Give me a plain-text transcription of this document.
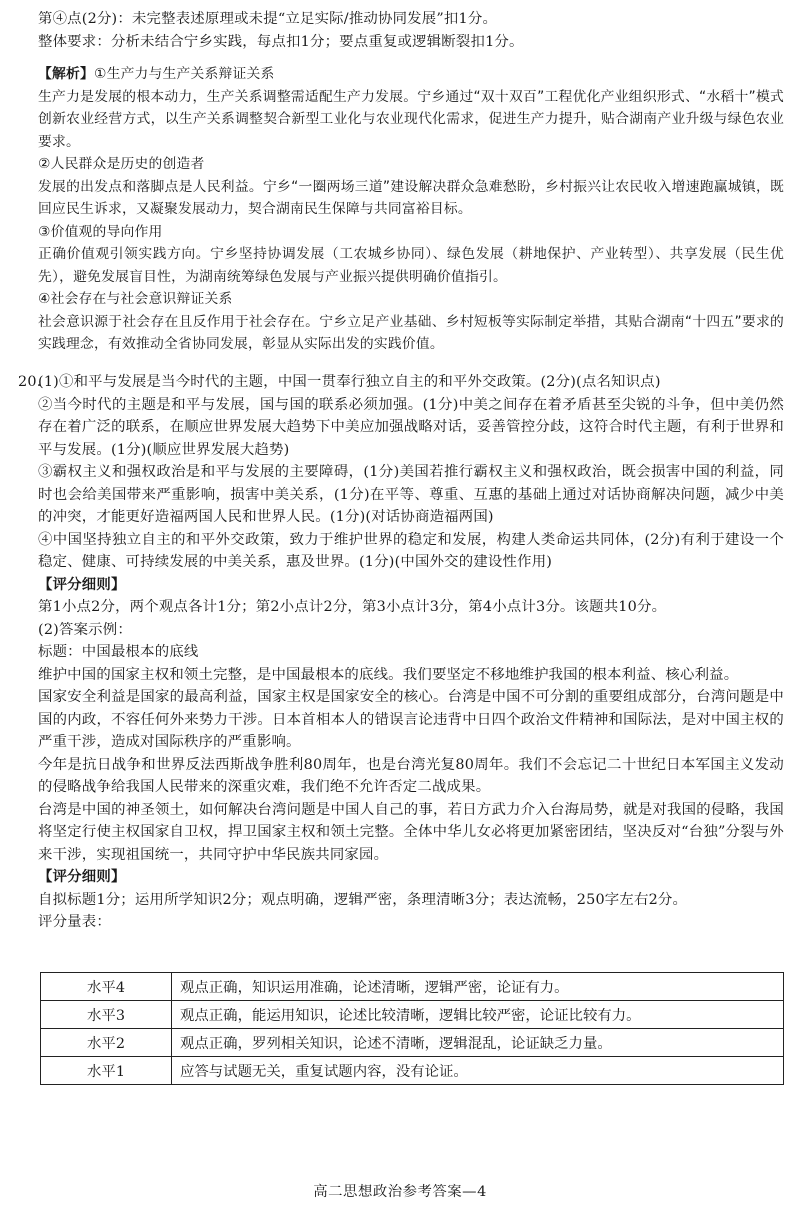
第④点(2分)：未完整表述原理或未提“立足实际/推动协同发展”扣1分。

整体要求：分析未结合宁乡实践，每点扣1分；要点重复或逻辑断裂扣1分。

【解析】①生产力与生产关系辩证关系

生产力是发展的根本动力，生产关系调整需适配生产力发展。宁乡通过“双十双百”工程优化产业组织形式、“水稻十”模式创新农业经营方式，以生产关系调整契合新型工业化与农业现代化需求，促进生产力提升，贴合湖南产业升级与绿色农业要求。

②人民群众是历史的创造者

发展的出发点和落脚点是人民利益。宁乡“一圈两场三道”建设解决群众急难愁盼，乡村振兴让农民收入增速跑赢城镇，既回应民生诉求，又凝聚发展动力，契合湖南民生保障与共同富裕目标。

③价值观的导向作用

正确价值观引领实践方向。宁乡坚持协调发展（工农城乡协同）、绿色发展（耕地保护、产业转型）、共享发展（民生优先），避免发展盲目性，为湖南统筹绿色发展与产业振兴提供明确价值指引。

④社会存在与社会意识辩证关系

社会意识源于社会存在且反作用于社会存在。宁乡立足产业基础、乡村短板等实际制定举措，其贴合湖南“十四五”要求的实践理念，有效推动全省协同发展，彰显从实际出发的实践价值。

20.

(1)①和平与发展是当今时代的主题，中国一贯奉行独立自主的和平外交政策。(2分)(点名知识点)

②当今时代的主题是和平与发展，国与国的联系必须加强。(1分)中美之间存在着矛盾甚至尖锐的斗争，但中美仍然存在着广泛的联系，在顺应世界发展大趋势下中美应加强战略对话，妥善管控分歧，这符合时代主题，有利于世界和平与发展。(1分)(顺应世界发展大趋势)

③霸权主义和强权政治是和平与发展的主要障碍，(1分)美国若推行霸权主义和强权政治，既会损害中国的利益，同时也会给美国带来严重影响，损害中美关系，(1分)在平等、尊重、互惠的基础上通过对话协商解决问题，减少中美的冲突，才能更好造福两国人民和世界人民。(1分)(对话协商造福两国)

④中国坚持独立自主的和平外交政策，致力于维护世界的稳定和发展，构建人类命运共同体，(2分)有利于建设一个稳定、健康、可持续发展的中美关系，惠及世界。(1分)(中国外交的建设性作用)

【评分细则】

第1小点2分，两个观点各计1分；第2小点计2分，第3小点计3分，第4小点计3分。该题共10分。

(2)答案示例：

标题：中国最根本的底线

维护中国的国家主权和领土完整，是中国最根本的底线。我们要坚定不移地维护我国的根本利益、核心利益。

国家安全利益是国家的最高利益，国家主权是国家安全的核心。台湾是中国不可分割的重要组成部分，台湾问题是中国的内政，不容任何外来势力干涉。日本首相本人的错误言论违背中日四个政治文件精神和国际法，是对中国主权的严重干涉，造成对国际秩序的严重影响。

今年是抗日战争和世界反法西斯战争胜利80周年，也是台湾光复80周年。我们不会忘记二十世纪日本军国主义发动的侵略战争给我国人民带来的深重灾难，我们绝不允许否定二战成果。

台湾是中国的神圣领土，如何解决台湾问题是中国人自己的事，若日方武力介入台海局势，就是对我国的侵略，我国将坚定行使主权国家自卫权，捍卫国家主权和领土完整。全体中华儿女必将更加紧密团结，坚决反对“台独”分裂与外来干涉，实现祖国统一，共同守护中华民族共同家园。

【评分细则】

自拟标题1分；运用所学知识2分；观点明确，逻辑严密，条理清晰3分；表达流畅，250字左右2分。

评分量表：

水平4	观点正确，知识运用准确，论述清晰，逻辑严密，论证有力。
水平3	观点正确，能运用知识，论述比较清晰，逻辑比较严密，论证比较有力。
水平2	观点正确，罗列相关知识，论述不清晰，逻辑混乱，论证缺乏力量。
水平1	应答与试题无关，重复试题内容，没有论证。
高二思想政治参考答案—4
